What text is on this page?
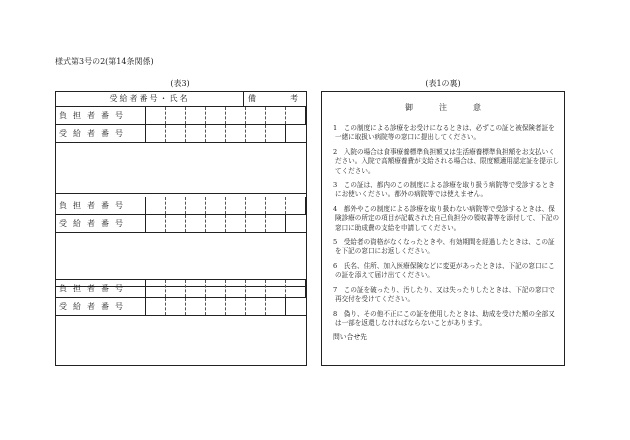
様式第3号の2(第14条関係)
(表3)	(表1の裏)
受給者番号・氏名	備	考
負担者番号
受給者番号
負担者番号
受給者番号
負担者番号
受給者番号
御注意

1　この制度による診療をお受けになるときは、必ずこの証と被保険者証を一緒に取扱い病院等の窓口に提出してください。

2　入院の場合は食事療養標準負担額又は生活療養標準負担額をお支払いください。入院で高額療養費が支給される場合は、限度額適用認定証を提示してください。

3　この証は、都内のこの制度による診療を取り扱う病院等で受診するときにお使いください。都外の病院等では使えません。

4　都外やこの制度による診療を取り扱わない病院等で受診するときは、保険診療の所定の項目が記載された自己負担分の領収書等を添付して、下記の窓口に助成費の支給を申請してください。

5　受給者の資格がなくなったときや、有効期間を経過したときは、この証を下記の窓口にお返しください。

6　氏名、住所、加入医療保険などに変更があったときは、下記の窓口にこの証を添えて届け出てください。

7　この証を破ったり、汚したり、又は失ったりしたときは、下記の窓口で再交付を受けてください。

8　偽り、その他不正にこの証を使用したときは、助成を受けた額の全部又は一部を返還しなければならないことがあります。

問い合せ先
